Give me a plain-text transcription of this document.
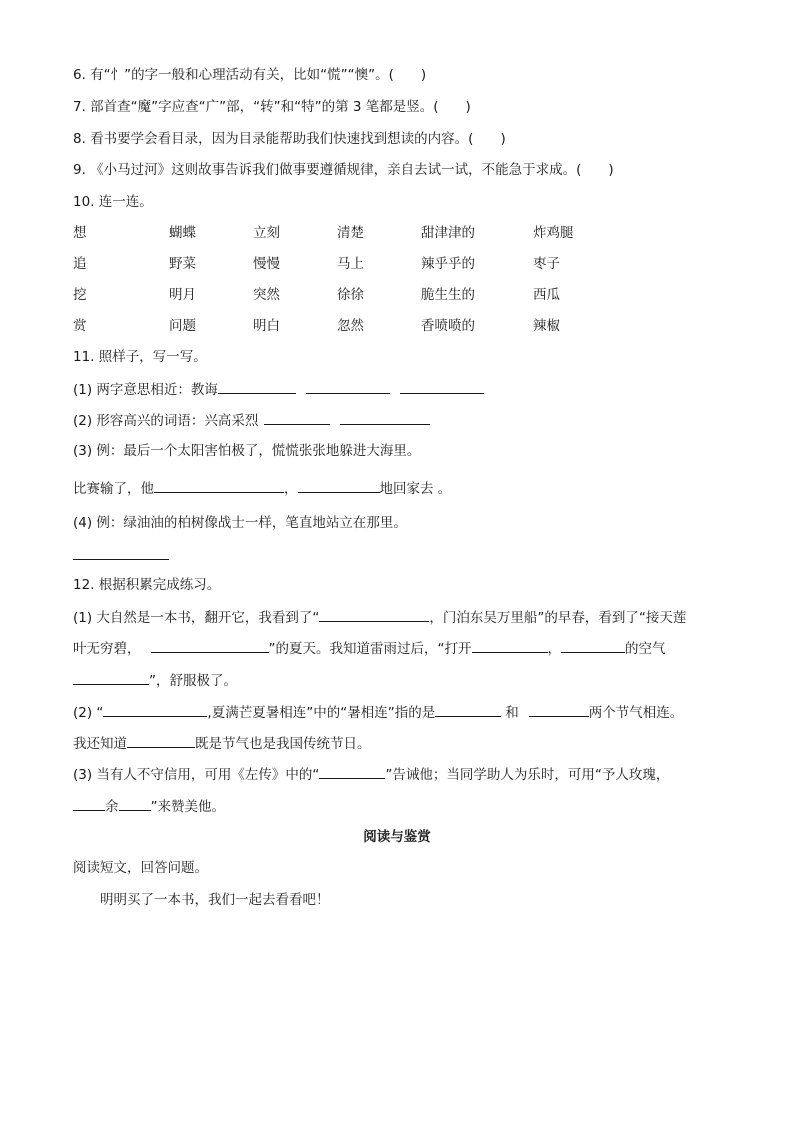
6. 有“忄”的字一般和心理活动有关，比如“慌”“懊”。(　　)
7. 部首查“魔”字应查“广”部，“转”和“特”的第 3 笔都是竖。(　　)
8. 看书要学会看目录，因为目录能帮助我们快速找到想读的内容。(　　)
9. 《小马过河》这则故事告诉我们做事要遵循规律，亲自去试一试，不能急于求成。(　　)
10. 连一连。
想	蝴蝶	立刻	清楚	甜津津的	炸鸡腿
追	野菜	慢慢	马上	辣乎乎的	枣子
挖	明月	突然	徐徐	脆生生的	西瓜
赏	问题	明白	忽然	香喷喷的	辣椒
11. 照样子，写一写。
(1) 两字意思相近：教诲
(2) 形容高兴的词语：兴高采烈
(3) 例：最后一个太阳害怕极了，慌慌张张地躲进大海里。
比赛输了，他	，	地回家去 。
(4) 例：绿油油的柏树像战士一样，笔直地站立在那里。
12. 根据积累完成练习。
(1) 大自然是一本书，翻开它，我看到了“	，门泊东吴万里船”的早春，看到了“接天莲
叶无穷碧，	”的夏天。我知道雷雨过后，“打开	，	的空气
”，舒服极了。
(2) “	,夏满芒夏暑相连”中的“暑相连”指的是	和	两个节气相连。
我还知道	既是节气也是我国传统节日。
(3) 当有人不守信用，可用《左传》中的“	”告诫他；当同学助人为乐时，可用“予人玫瑰，
余 ”来赞美他。
阅读与鉴赏
阅读短文，回答问题。
明明买了一本书，我们一起去看看吧！
